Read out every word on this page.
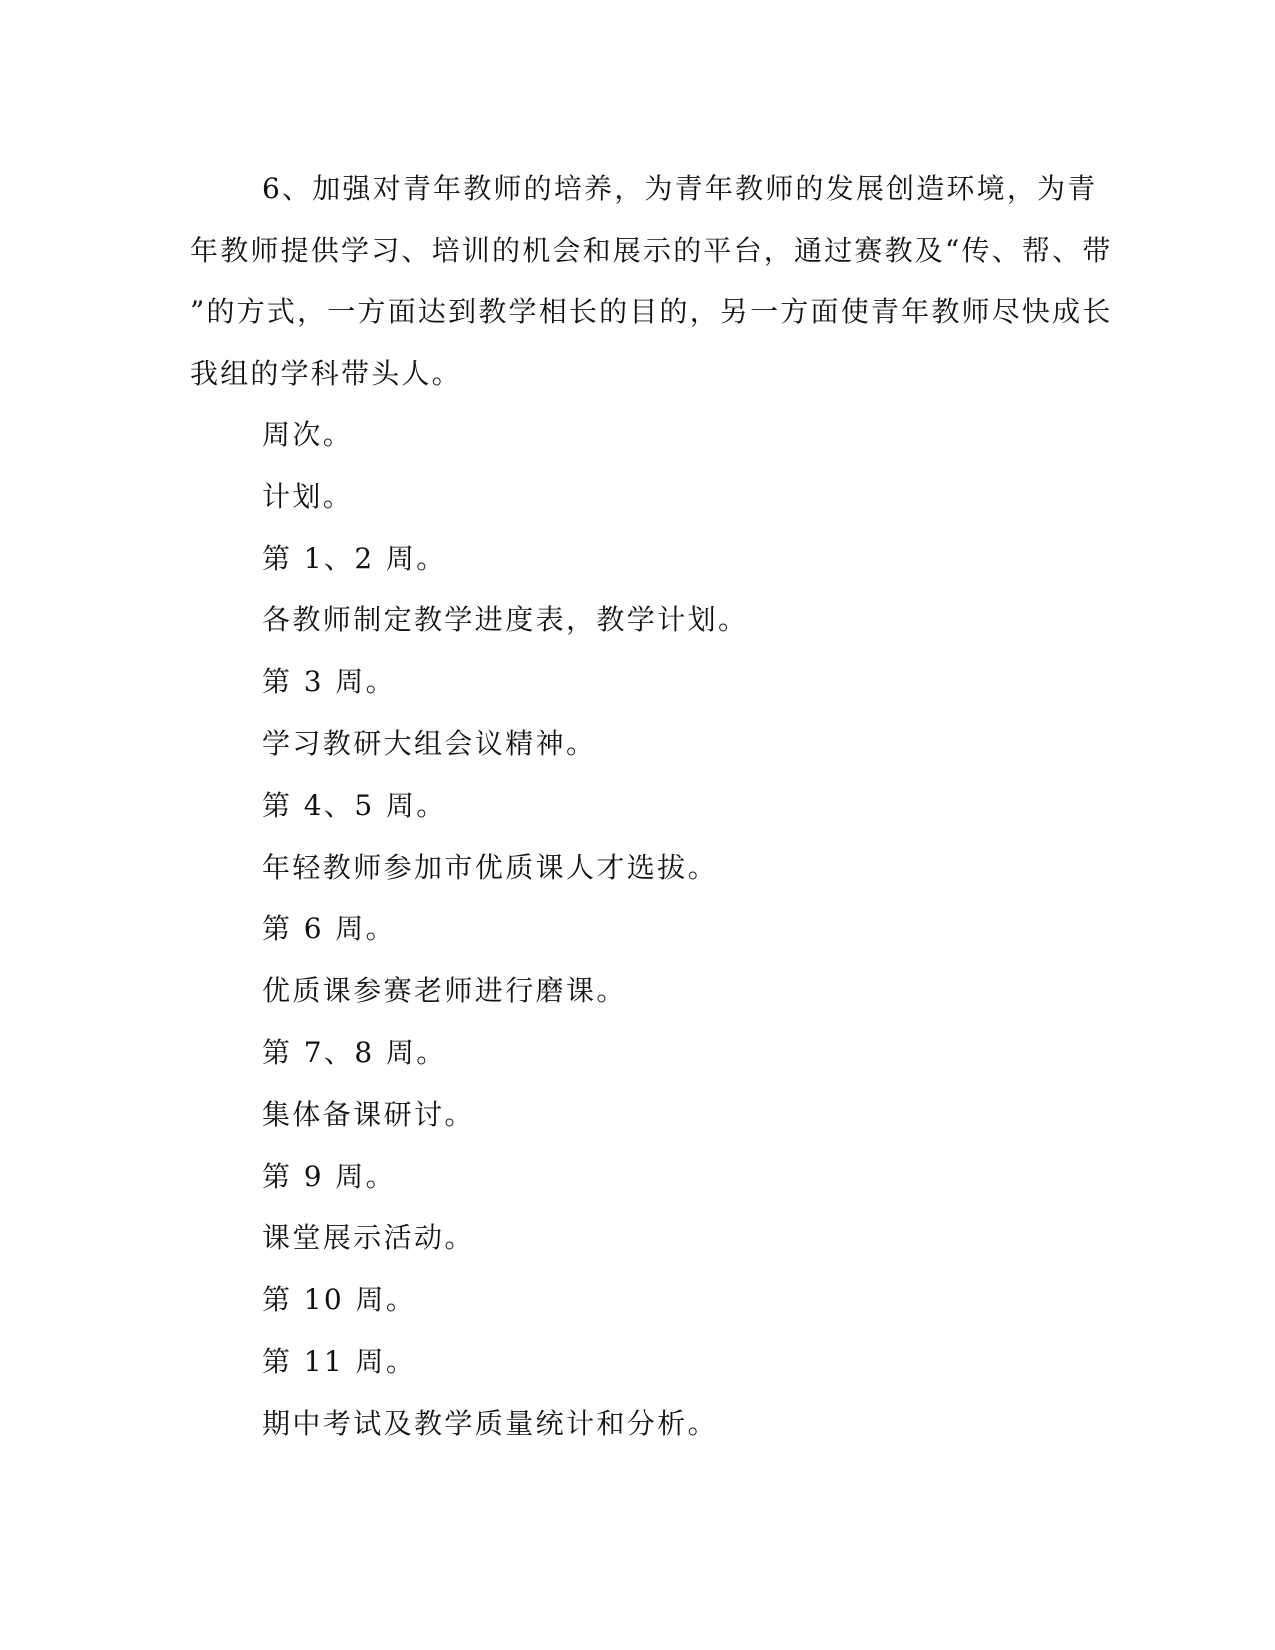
6、加强对青年教师的培养，为青年教师的发展创造环境，为青
年教师提供学习、培训的机会和展示的平台，通过赛教及“传、帮、带
”的方式，一方面达到教学相长的目的，另一方面使青年教师尽快成长
我组的学科带头人。

周次。

计划。

第 1、2 周。

各教师制定教学进度表，教学计划。

第 3 周。

学习教研大组会议精神。

第 4、5 周。

年轻教师参加市优质课人才选拔。

第 6 周。

优质课参赛老师进行磨课。

第 7、8 周。

集体备课研讨。

第 9 周。

课堂展示活动。

第 10 周。

第 11 周。

期中考试及教学质量统计和分析。
